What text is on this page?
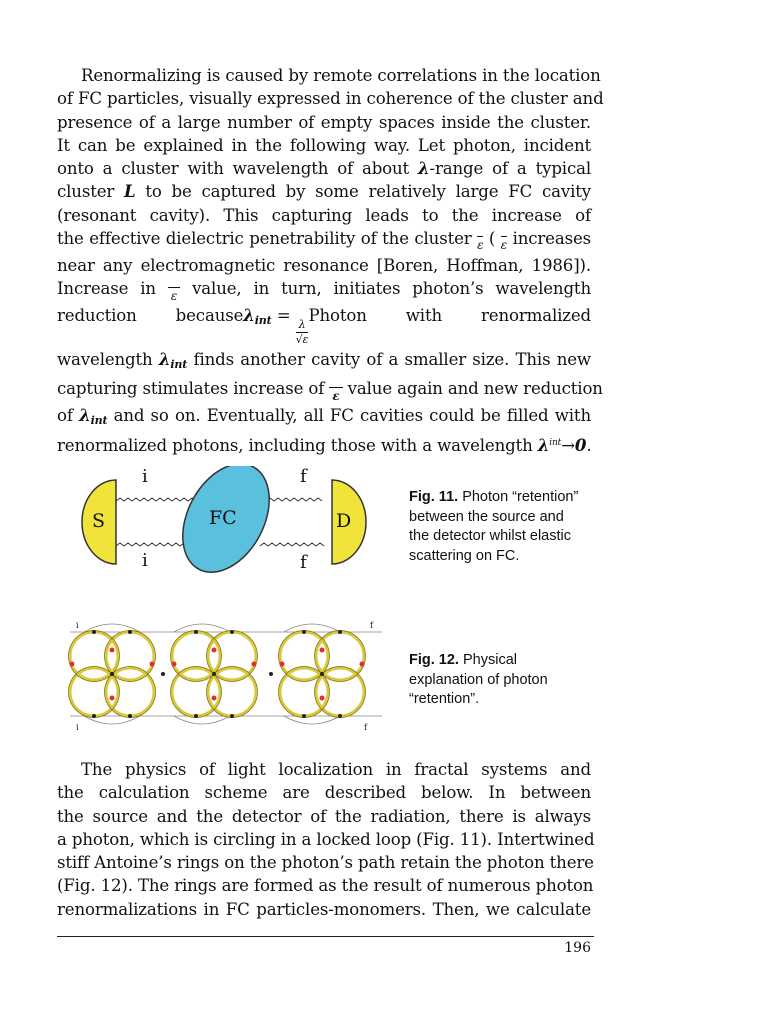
Renormalizing is caused by remote correlations in the location
of FC particles, visually expressed in coherence of the cluster and
presence of a large number of empty spaces inside the cluster.
It can be explained in the following way. Let photon, incident
onto a cluster with wavelength of about λ-range of a typical
cluster L to be captured by some relatively large FC cavity
(resonant cavity). This capturing leads to the increase of
the effective dielectric penetrability of the cluster $_\varepsilon$ ( $_\varepsilon$ increases
near any electromagnetic resonance [Boren, Hoffman, 1986]).
Increase in $_\varepsilon$ value, in turn, initiates photon’s wavelength
reduction becauseλ$_{int}$ =
$\frac{\lambda}{√\varepsilon}$
Photon with renormalized
wavelength $\lambda_{int}$ finds another cavity of a smaller size. This new
capturing stimulates increase of $_\varepsilon$ value again and new reduction
of $\lambda_{int}$ and so on. Eventually, all FC cavities could be filled with
renormalized photons, including those with a wavelength $\lambda^{int}\to 0$.
S	D
FC
i
i
f
f
Fig. 11. Photon “retention” between the source and the detector whilst elastic scattering on FC.
i	f
i	f
Fig. 12. Physical explanation of photon “retention”.
The physics of light localization in fractal systems and
the calculation scheme are described below. In between
the source and the detector of the radiation, there is always
a photon, which is circling in a locked loop (Fig. 11). Intertwined
stiff Antoine’s rings on the photon’s path retain the photon there
(Fig. 12). The rings are formed as the result of numerous photon
renormalizations in FC particles-monomers. Then, we calculate
196
